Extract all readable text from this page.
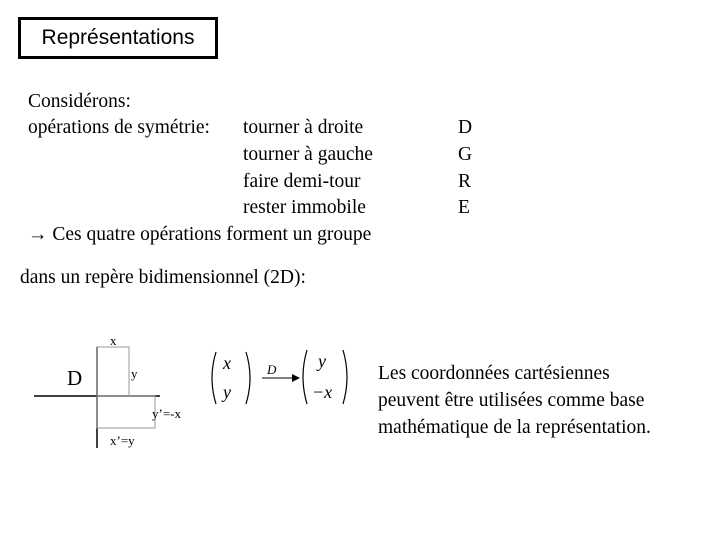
Représentations
Considérons:
opérations de symétrie: tourner à droite
tourner à gauche
faire demi-tour
rester immobile
D
G
R
E
→ Ces quatre opérations forment un groupe
dans un repère bidimensionnel (2D):
x
D	y
y’=-x
x’=y
x
y
D y
−x
Les coordonnées cartésiennes
peuvent être utilisées comme base
mathématique de la représentation.
